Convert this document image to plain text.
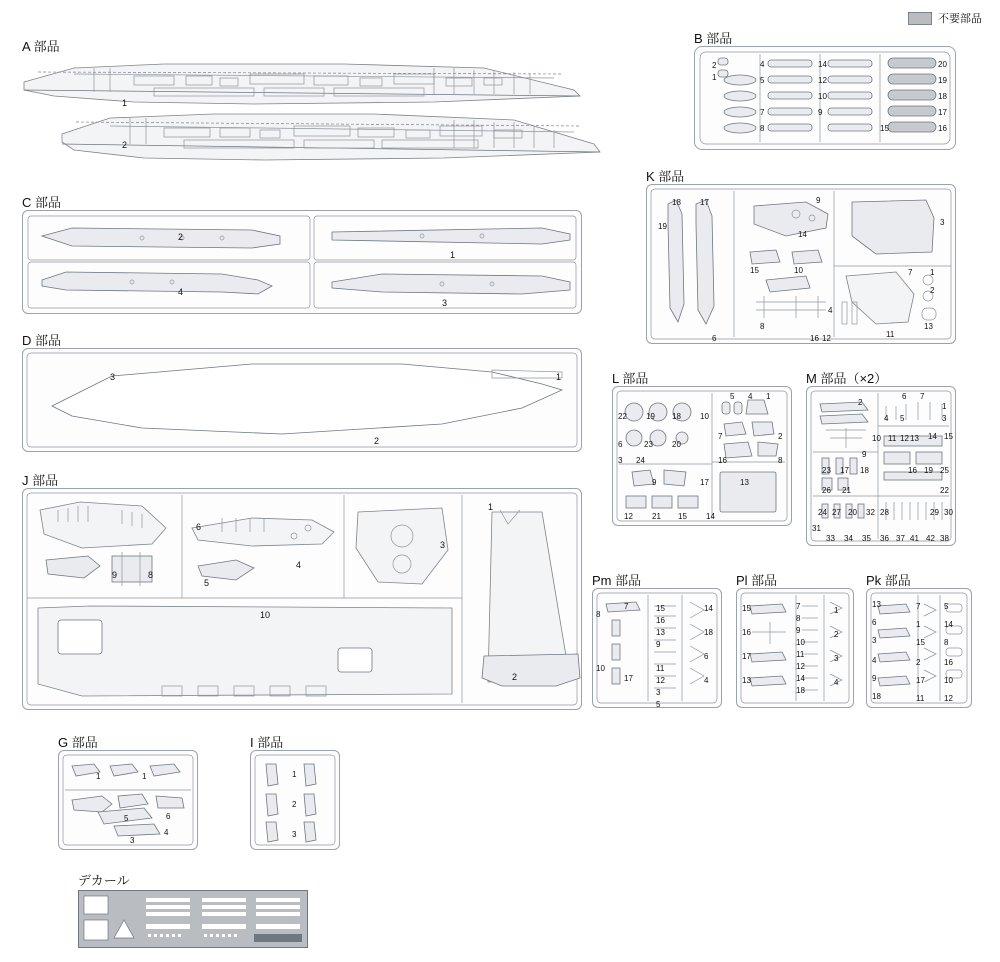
不要部品
A 部品
1
2
B 部品
2
1
4
5
7
8
14
12
10
9
20
19
18
17
16
15
C 部品
2
1
4
3
K 部品
18 17	9
19
14
3
15	10	7 1
2
4
8	13
6	16 12	11
D 部品
3	1
2
L 部品
22 19 18 10
5 4 1
7	2
6	23 20
16	8
3 24
13
9	17
12 21 15 14
M 部品（×2）
6 7
2
4 5	3
1
11 12 13 14 15
10
9
23 17 18	16 19 25
26 21	22
24 27 20 32 28	29 30
31
33 34 35 36 37 41 42 38
J 部品
6
1
9	8
4
5
3
10
2
Pm 部品
8
7	15
16
13
9
10
17
11
12
3
5
14
18
6
4
Pl 部品
15	7
8
16	9
10
17	11
12
13	14
18
1
2
3
4
Pk 部品
13	7	5
6	1	14
3	15 8
4	2	16
9	17 10
18	11 12
G 部品
1	1
5	6
3
4
I 部品
1
2
3
デカール
